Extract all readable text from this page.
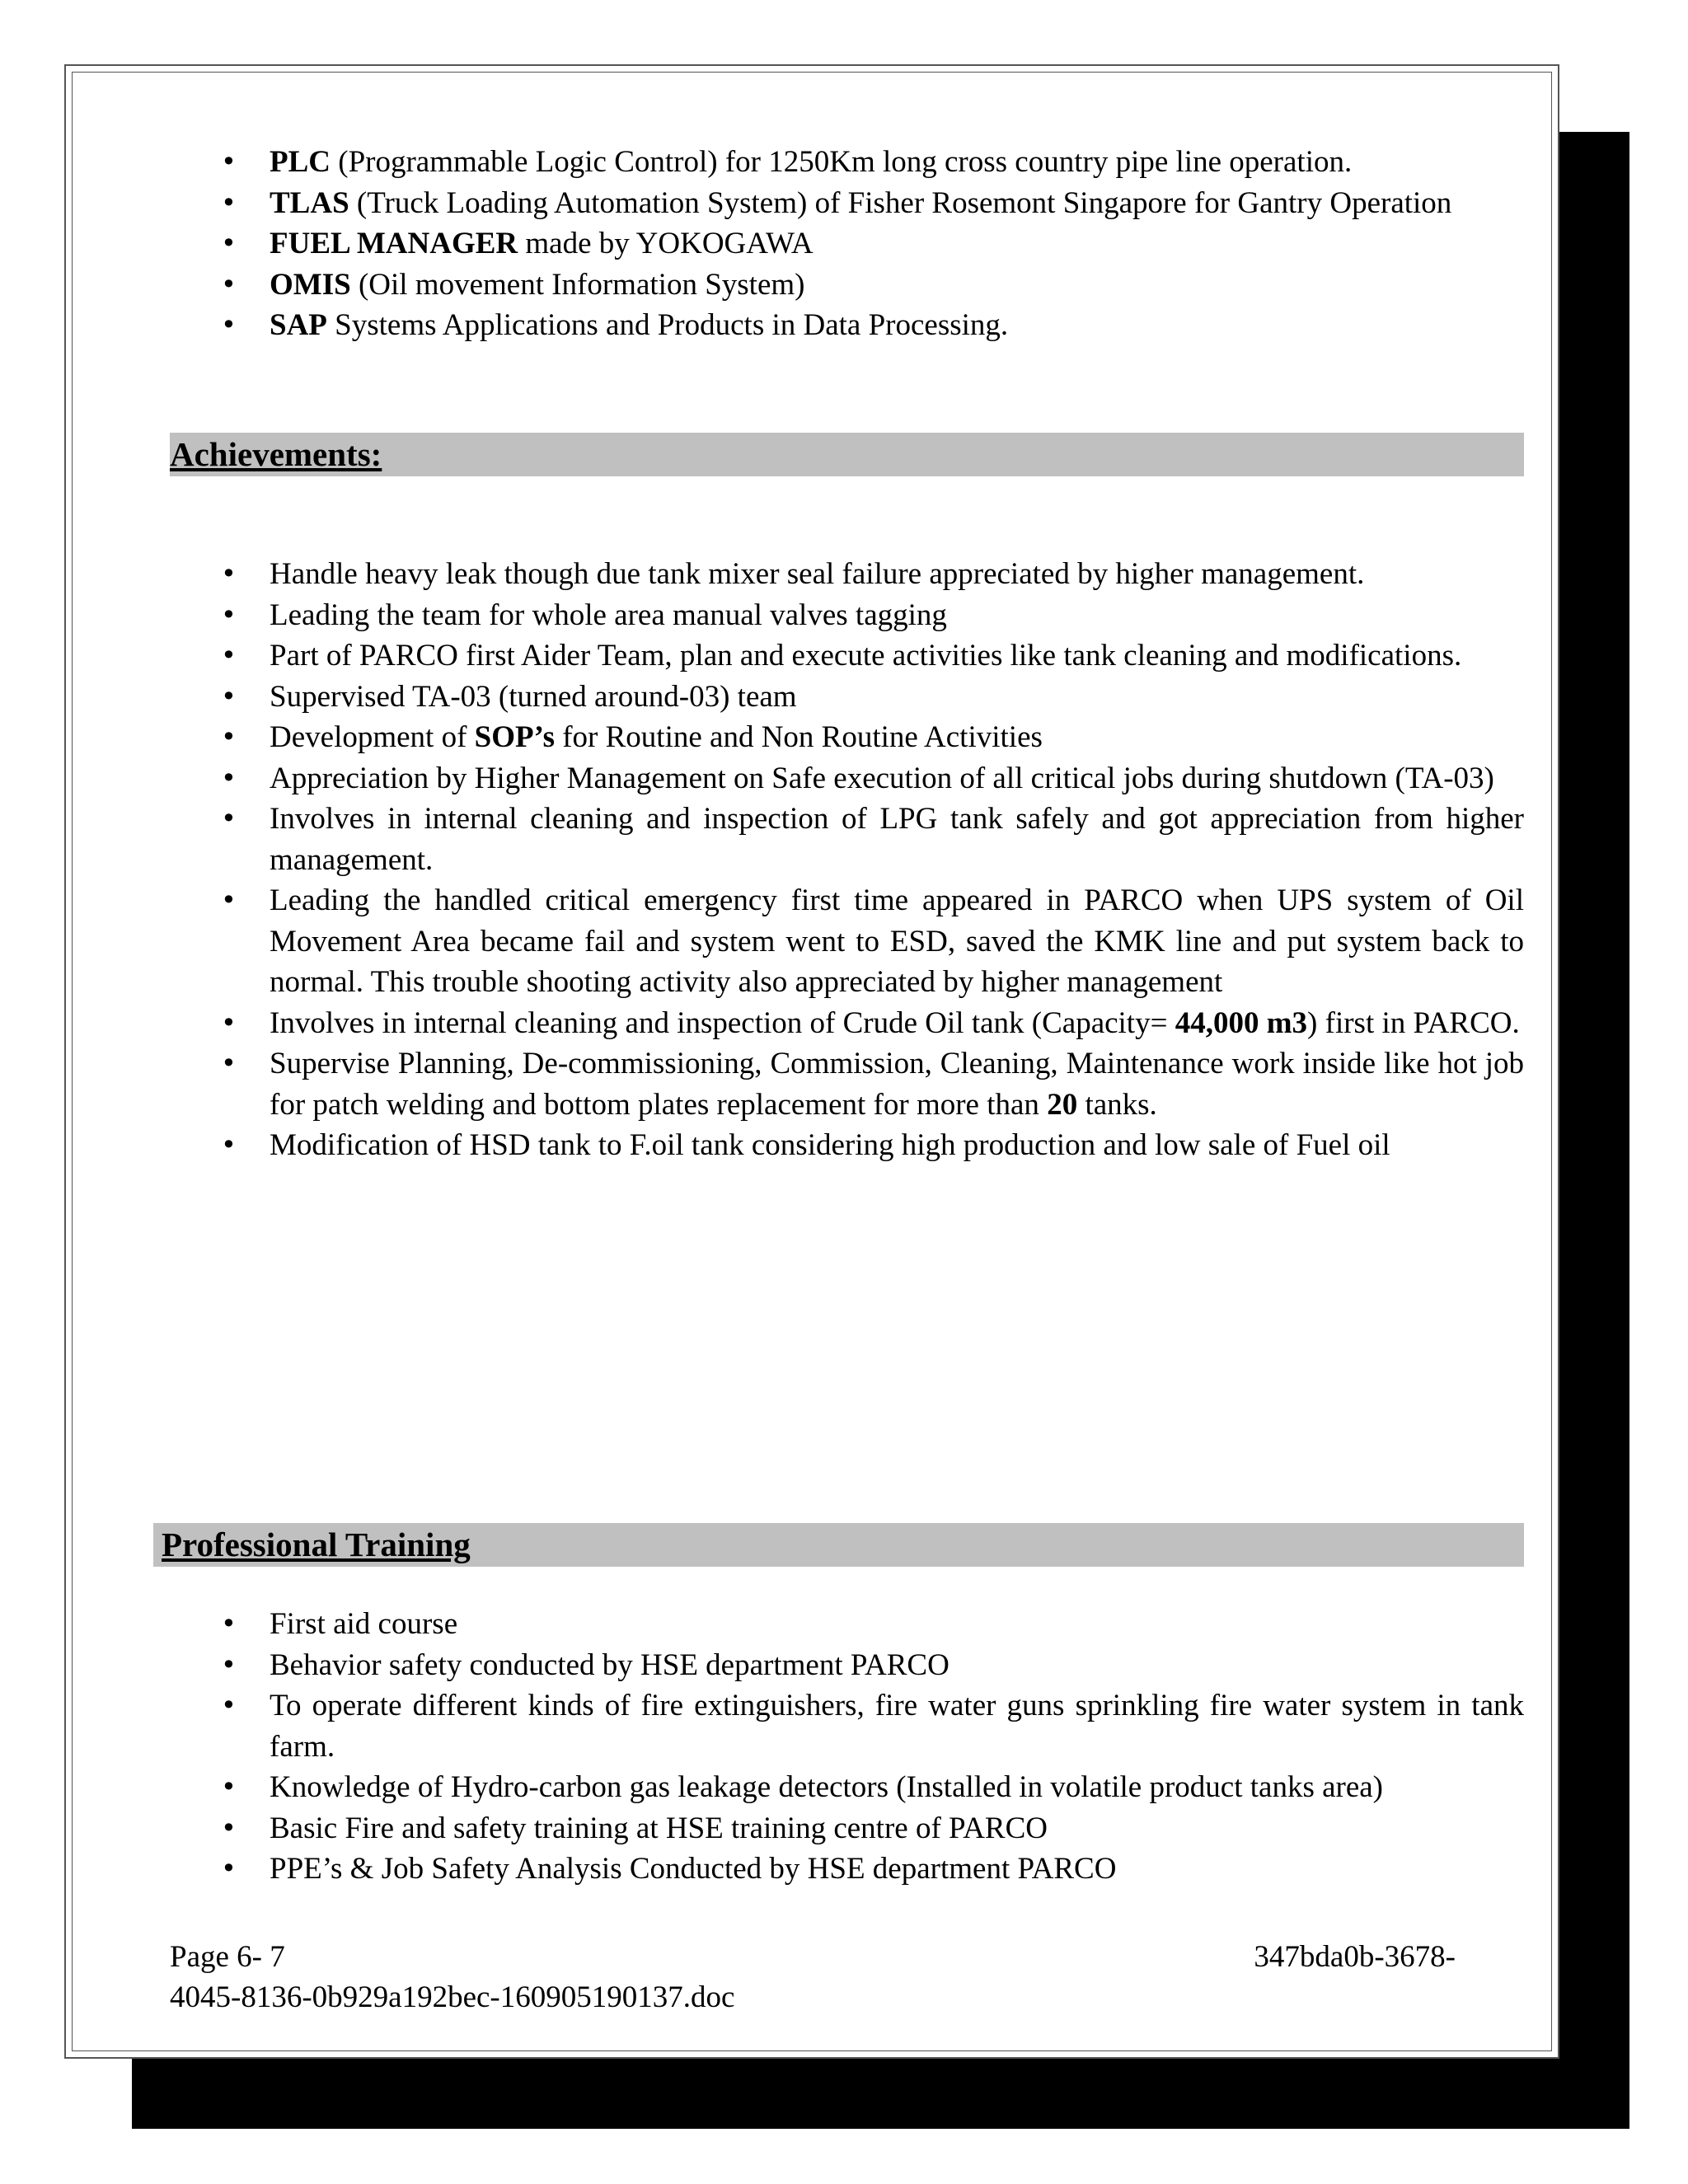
• PLC (Programmable Logic Control) for 1250Km long cross country pipe line operation.
• TLAS (Truck Loading Automation System) of Fisher Rosemont Singapore for Gantry Operation
• FUEL MANAGER made by YOKOGAWA
• OMIS (Oil movement Information System)
• SAP Systems Applications and Products in Data Processing.
Achievements:
• Handle heavy leak though due tank mixer seal failure appreciated by higher management.
• Leading the team for whole area manual valves tagging
• Part of PARCO first Aider Team, plan and execute activities like tank cleaning and modifications.
• Supervised TA-03 (turned around-03) team
• Development of SOP’s for Routine and Non Routine Activities
• Appreciation by Higher Management on Safe execution of all critical jobs during shutdown (TA-03)
• Involves in internal cleaning and inspection of LPG tank safely and got appreciation from higher management.
• Leading the handled critical emergency first time appeared in PARCO when UPS system of Oil Movement Area became fail and system went to ESD, saved the KMK line and put system back to normal. This trouble shooting activity also appreciated by higher management
• Involves in internal cleaning and inspection of Crude Oil tank (Capacity= 44,000 m3) first in PARCO.
• Supervise Planning, De-commissioning, Commission, Cleaning, Maintenance work inside like hot job for patch welding and bottom plates replacement for more than 20 tanks.
• Modification of HSD tank to F.oil tank considering high production and low sale of Fuel oil
Professional Training
• First aid course
• Behavior safety conducted by HSE department PARCO
• To operate different kinds of fire extinguishers, fire water guns sprinkling fire water system in tank farm.
• Knowledge of Hydro-carbon gas leakage detectors (Installed in volatile product tanks area)
• Basic Fire and safety training at HSE training centre of PARCO
• PPE’s & Job Safety Analysis Conducted by HSE department PARCO
Page 6- 7	347bda0b-3678-
4045-8136-0b929a192bec-160905190137.doc
